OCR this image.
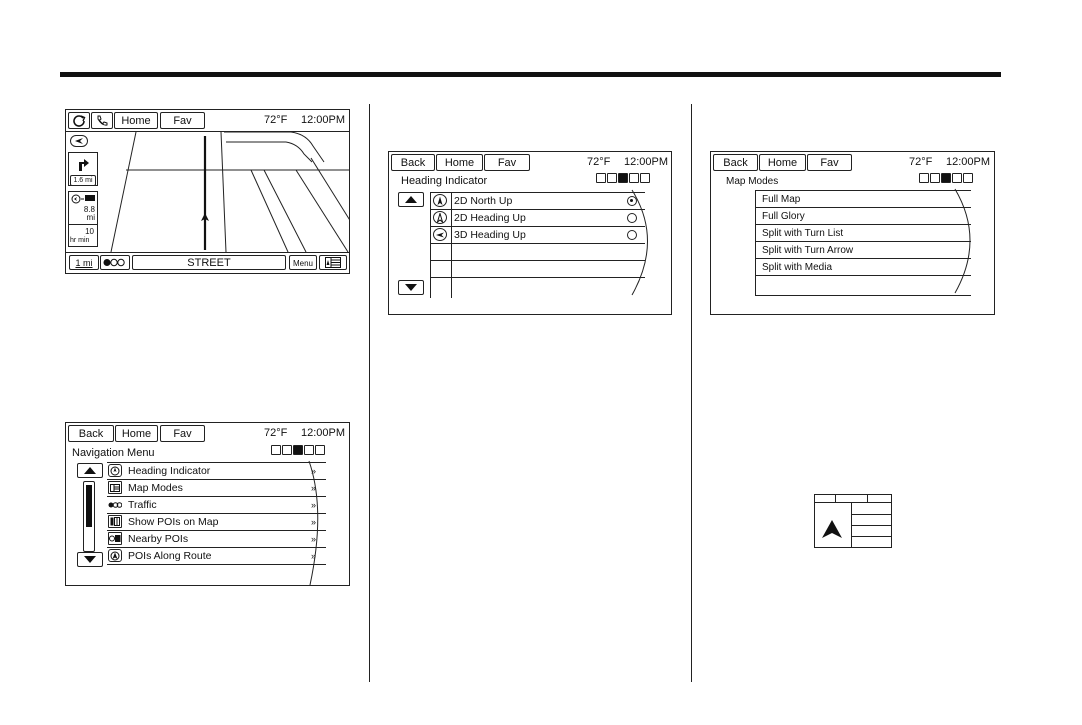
Home	Fav	72°F 12:00PM
1.6 mi
8.8
mi
10
hr min
1 mi	STREET	Menu
Back	Home	Fav	72°F 12:00PM
Navigation Menu
Heading Indicator	»
Map Modes	»
Traffic	»
Show POIs on Map	»
Nearby POIs	»
POIs Along Route	»
Back	Home	Fav	72°F 12:00PM
Heading Indicator
2D North Up
2D Heading Up
3D Heading Up
Back	Home	Fav	72°F 12:00PM
Map Modes
Full Map
Full Glory
Split with Turn List
Split with Turn Arrow
Split with Media
